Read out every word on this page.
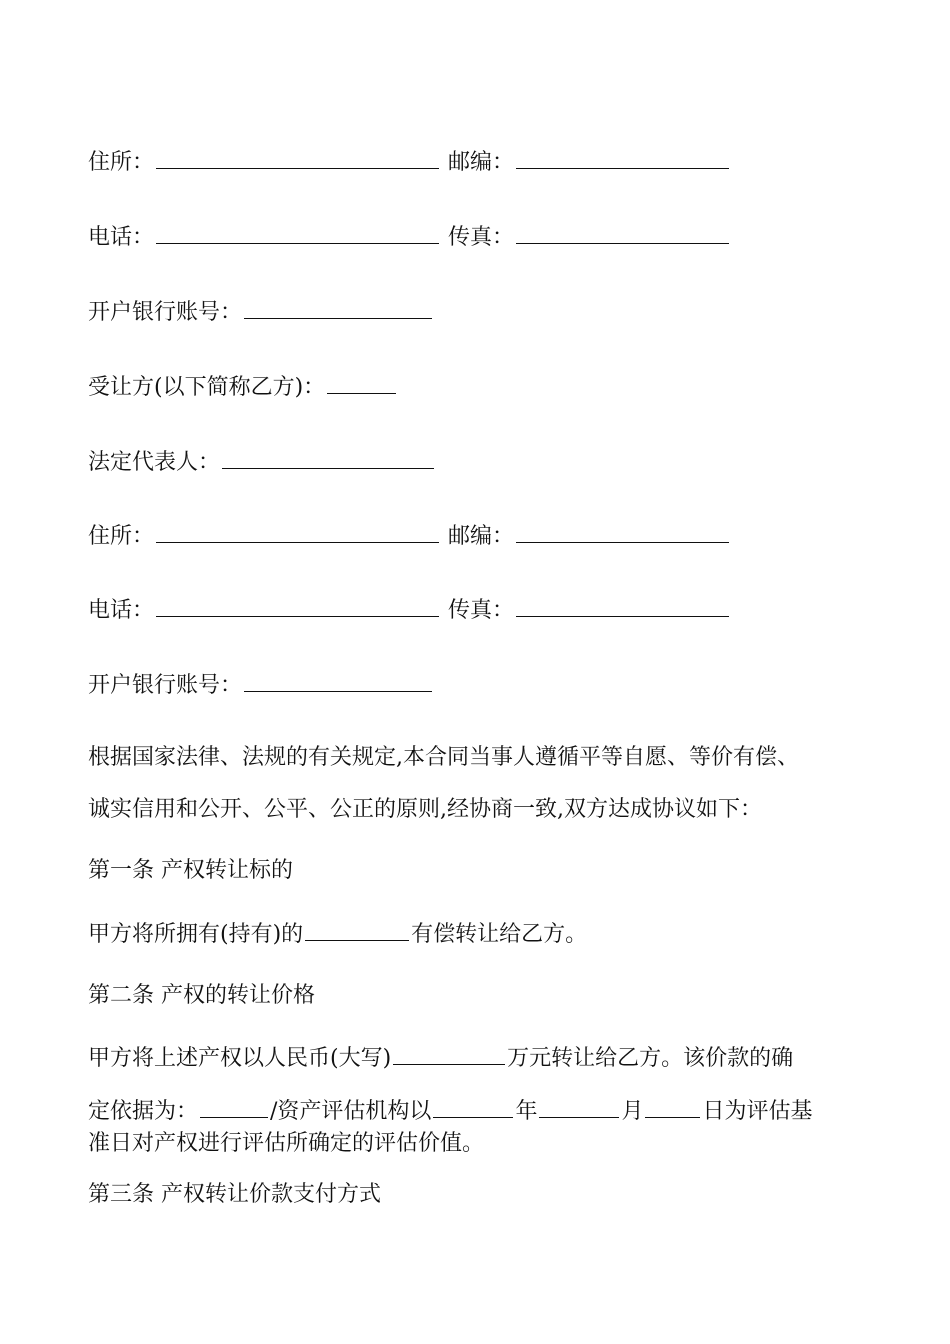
住所：	邮编：
电话：	传真：
开户银行账号：
受让方(以下简称乙方)：
法定代表人：
住所：	邮编：
电话：	传真：
开户银行账号：
根据国家法律、法规的有关规定,本合同当事人遵循平等自愿、等价有偿、
诚实信用和公开、公平、公正的原则,经协商一致,双方达成协议如下：
第一条 产权转让标的
甲方将所拥有(持有)的	有偿转让给乙方。
第二条 产权的转让价格
甲方将上述产权以人民币(大写)	万元转让给乙方。该价款的确
定依据为：	/资产评估机构以	年	月	日为评估基
准日对产权进行评估所确定的评估价值。
第三条 产权转让价款支付方式
